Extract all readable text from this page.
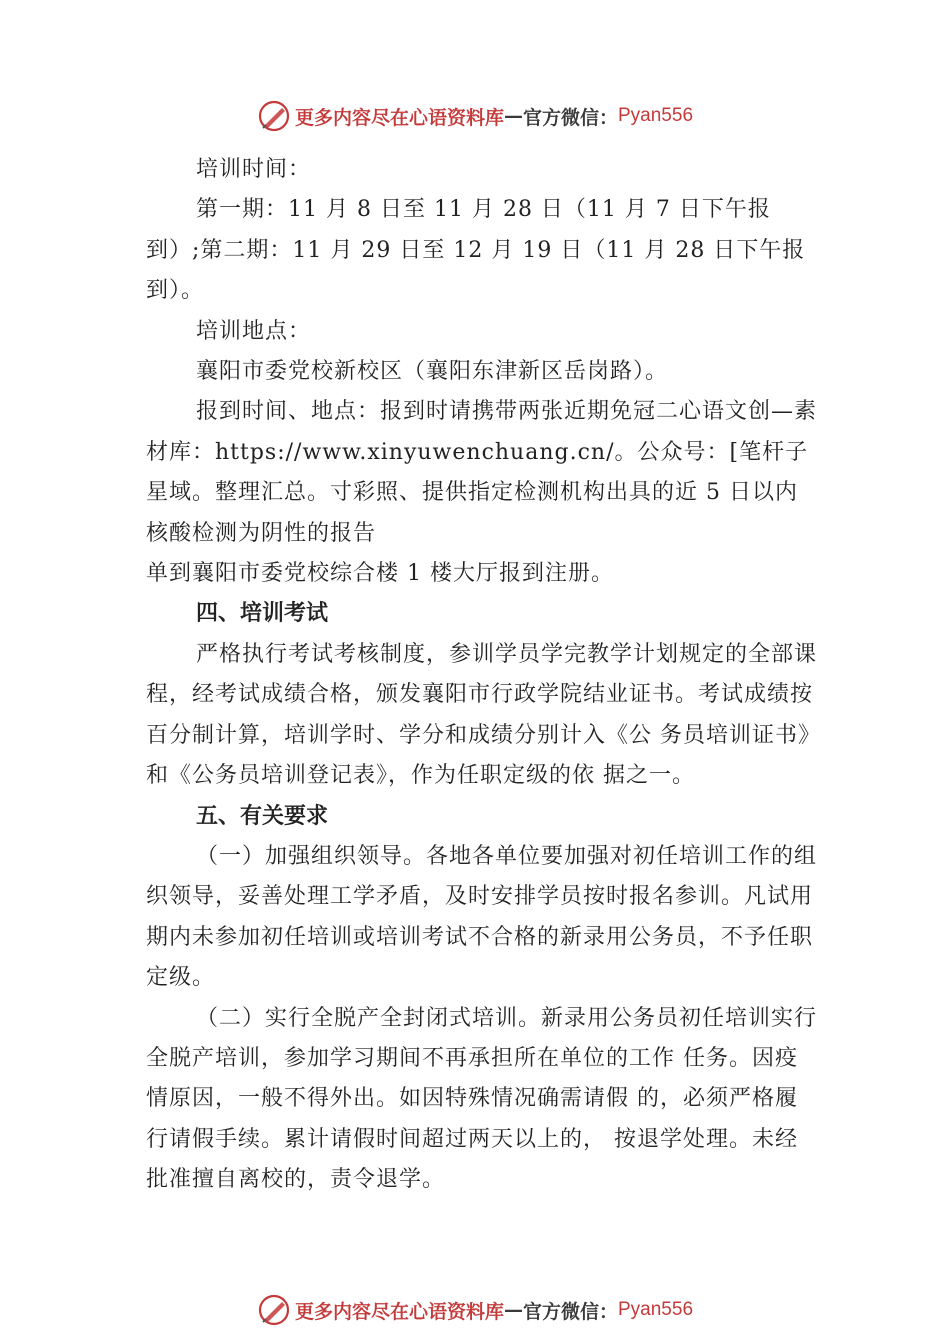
更多内容尽在心语资料库 — 官方微信： Pyan556

培训时间：

第一期：11 月 8 日至 11 月 28 日（11 月 7 日下午报到）;第二期：11 月 29 日至 12 月 19 日（11 月 28 日下午报到）。

培训地点：

襄阳市委党校新校区（襄阳东津新区岳岗路）。

报到时间、地点：报到时请携带两张近期免冠二心语文创—素材库：https://www.xinyuwenchuang.cn/。公众号：[笔杆子星域。整理汇总。寸彩照、提供指定检测机构出具的近 5 日以内核酸检测为阴性的报告

单到襄阳市委党校综合楼 1 楼大厅报到注册。

四、培训考试

严格执行考试考核制度，参训学员学完教学计划规定的全部课程，经考试成绩合格，颁发襄阳市行政学院结业证书。考试成绩按百分制计算，培训学时、学分和成绩分别计入《公 务员培训证书》和《公务员培训登记表》，作为任职定级的依 据之一。

五、有关要求

（一）加强组织领导。各地各单位要加强对初任培训工作的组织领导，妥善处理工学矛盾，及时安排学员按时报名参训。凡试用期内未参加初任培训或培训考试不合格的新录用公务员，不予任职定级。

（二）实行全脱产全封闭式培训。新录用公务员初任培训实行全脱产培训，参加学习期间不再承担所在单位的工作 任务。因疫情原因，一般不得外出。如因特殊情况确需请假 的，必须严格履行请假手续。累计请假时间超过两天以上的， 按退学处理。未经批准擅自离校的，责令退学。

更多内容尽在心语资料库 — 官方微信： Pyan556
